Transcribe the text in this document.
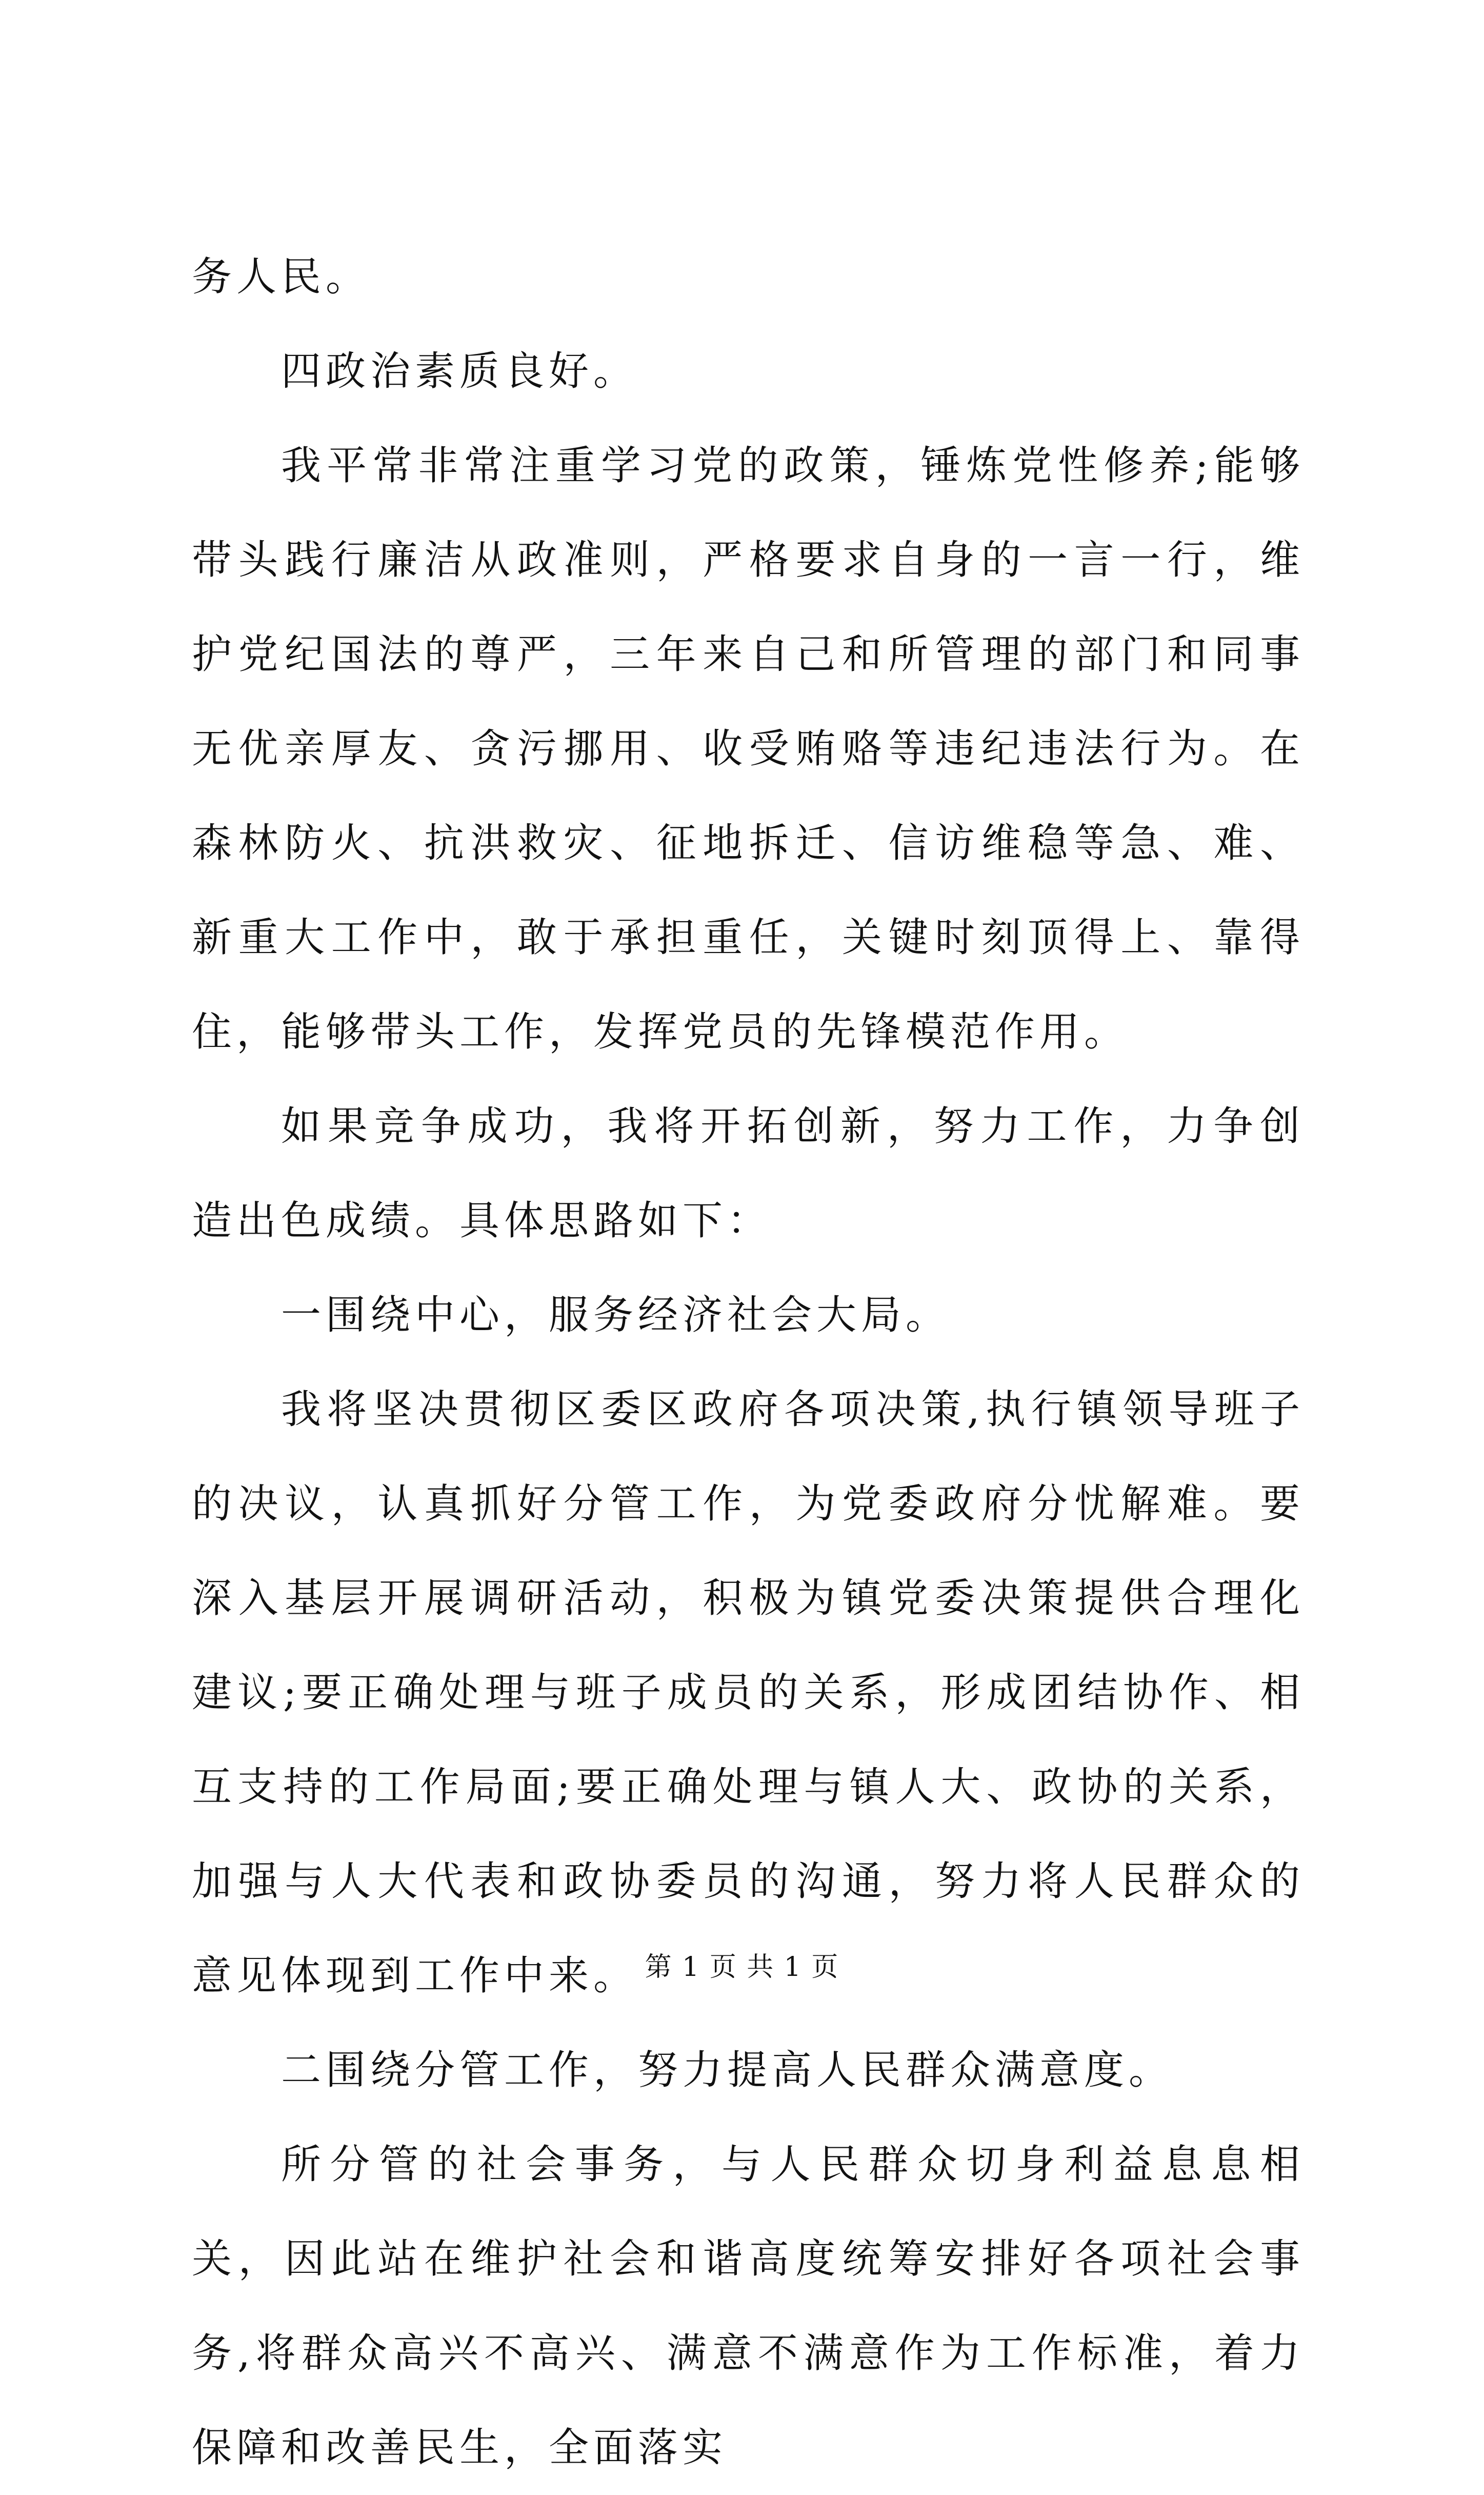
务人民。

四政治素质良好。

我平常非常注重学习党的政策，锤炼党性修养;能够带头践行廉洁从政准则，严格要求自身的一言一行，维护党纪国法的尊严，三年来自己和所管理的部门和同事无优亲厚友、贪污挪用、收受贿赂等违纪违法行为。在森林防火、抗洪救灾、征地拆迁、信访维稳等急、难、新重大工作中，敢于承担重任，关键时刻顶得上、靠得住，能够带头工作，发挥党员的先锋模范作用。

如果竞争成功，我将开拓创新，努力工作，力争创造出色成绩。具体思路如下：

一围绕中心，服务经济社会大局。

我将坚决贯彻区委区政府各项决策,执行镇领导班子的决议，认真抓好分管工作，为党委政府分忧解难。要深入基层开展调研活动，积极为镇党委决策提供合理化建议;要正确处理与班子成员的关系，形成团结协作、相互支持的工作局面;要正确处理与镇人大、政协的关系，加强与人大代表和政协委员的沟通，努力将人民群众的意见体现到工作中来。

二围绕分管工作，努力提高人民群众满意度。

所分管的社会事务，与人民群众切身利益息息相关，因此站在维护社会和谐高度统筹安排好各项社会事务,将群众高兴不高兴、满意不满意作为工作标准，着力保障和改善民生，全面落实

第 1 页 共 1 页
